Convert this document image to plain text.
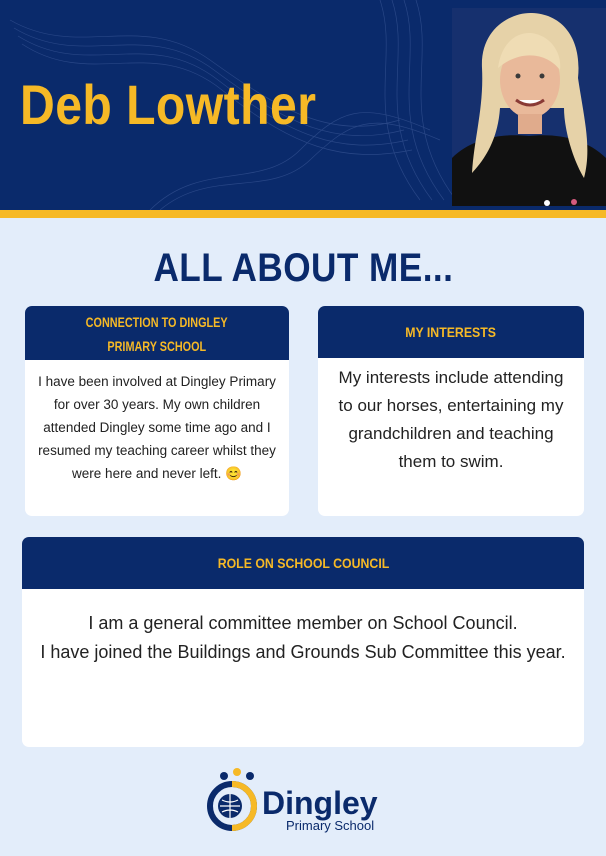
Deb Lowther
ALL ABOUT ME...
CONNECTION TO DINGLEY
PRIMARY SCHOOL
I have been involved at Dingley Primary for over 30 years. My own children attended Dingley some time ago and I resumed my teaching career whilst they were here and never left. 😊
MY INTERESTS
My interests include attending to our horses, entertaining my grandchildren and teaching them to swim.
ROLE ON SCHOOL COUNCIL
I am a general committee member on School Council.
I have joined the Buildings and Grounds Sub Committee this year.
Dingley
Primary School
